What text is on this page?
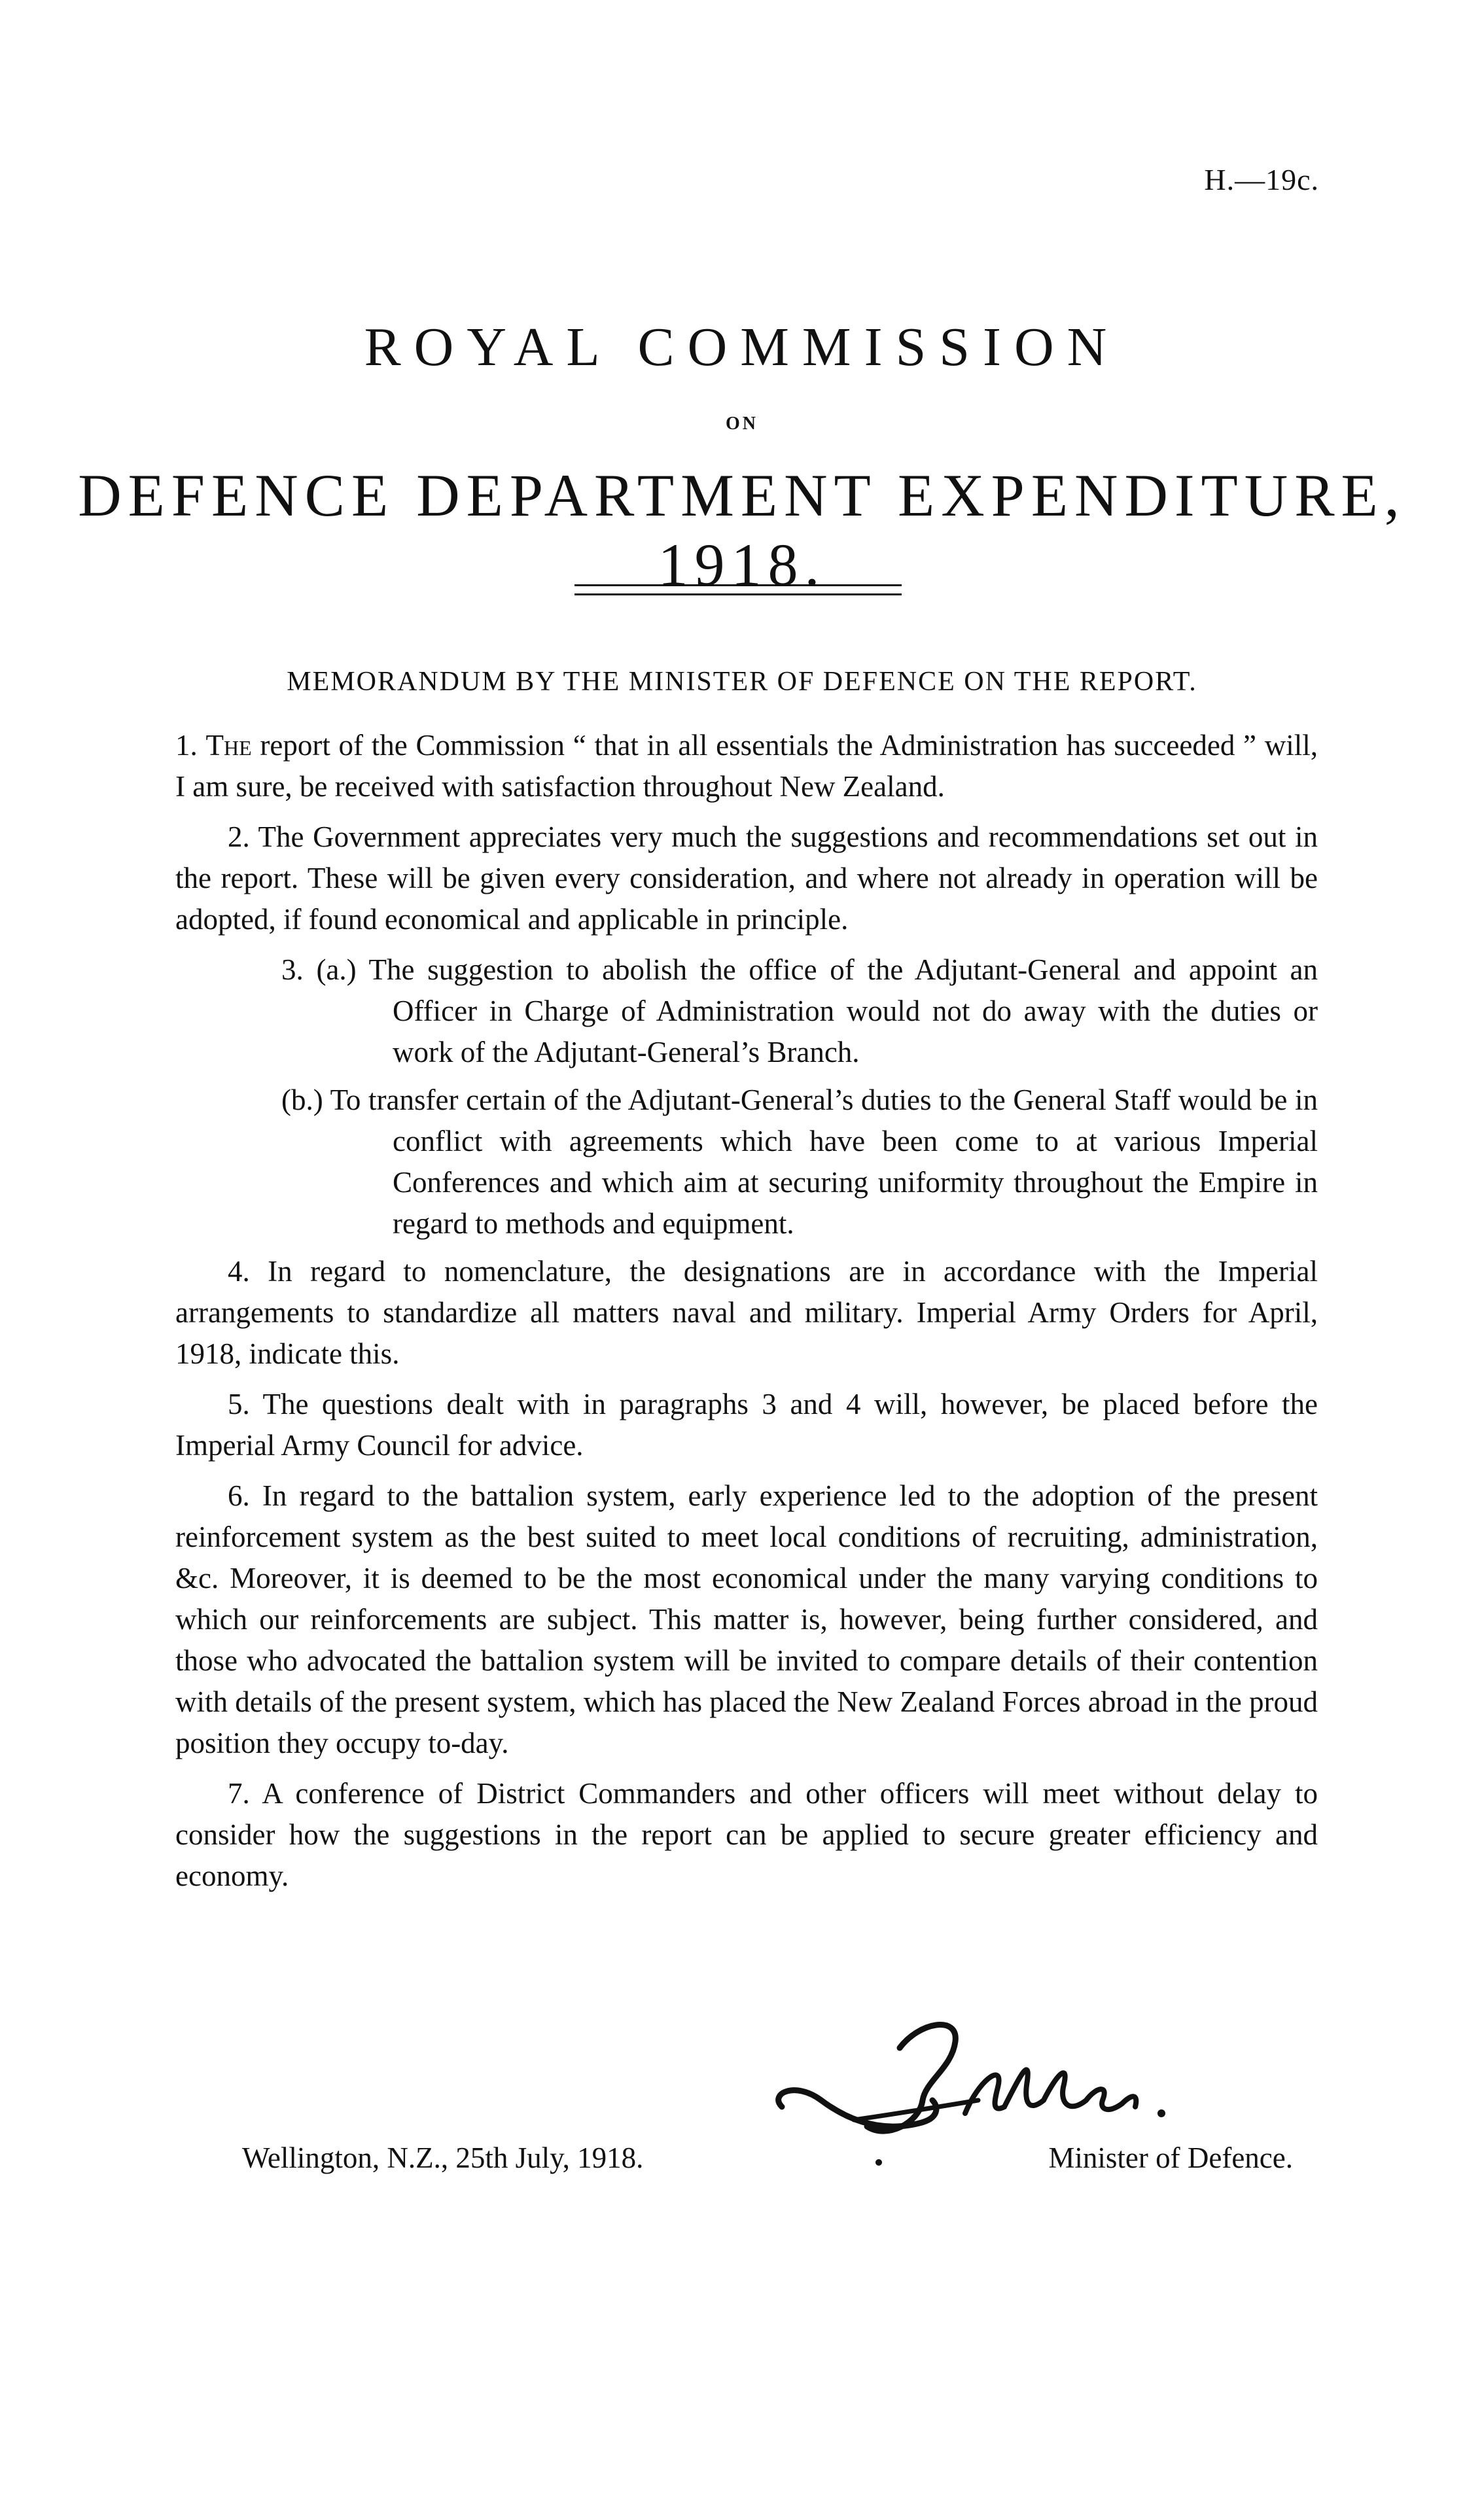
H.—19c.
ROYAL COMMISSION
ON
DEFENCE DEPARTMENT EXPENDITURE, 1918.
MEMORANDUM BY THE MINISTER OF DEFENCE ON THE REPORT.

1. The report of the Commission “ that in all essentials the Administration has succeeded ” will, I am sure, be received with satisfaction throughout New Zealand.

2. The Government appreciates very much the suggestions and recommendations set out in the report. These will be given every consideration, and where not already in operation will be adopted, if found economical and applicable in principle.

3. (a.) The suggestion to abolish the office of the Adjutant-General and appoint an Officer in Charge of Administration would not do away with the duties or work of the Adjutant-General’s Branch.

(b.) To transfer certain of the Adjutant-General’s duties to the General Staff would be in conflict with agreements which have been come to at various Imperial Conferences and which aim at securing uniformity throughout the Empire in regard to methods and equipment.

4. In regard to nomenclature, the designations are in accordance with the Imperial arrangements to standardize all matters naval and military. Imperial Army Orders for April, 1918, indicate this.

5. The questions dealt with in paragraphs 3 and 4 will, however, be placed before the Imperial Army Council for advice.

6. In regard to the battalion system, early experience led to the adoption of the present reinforcement system as the best suited to meet local conditions of recruiting, administration, &c. Moreover, it is deemed to be the most economical under the many varying conditions to which our reinforcements are subject. This matter is, however, being further considered, and those who advocated the battalion system will be invited to compare details of their contention with details of the present system, which has placed the New Zealand Forces abroad in the proud position they occupy to-day.

7. A conference of District Commanders and other officers will meet without delay to consider how the suggestions in the report can be applied to secure greater efficiency and economy.

Wellington, N.Z., 25th July, 1918.	Minister of Defence.
